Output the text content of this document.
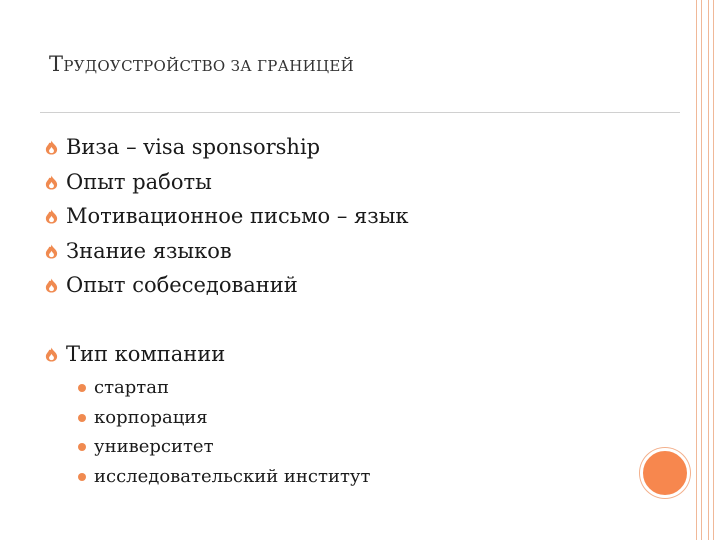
ТРУДОУСТРОЙСТВО ЗА ГРАНИЦЕЙ
Виза – visa sponsorship
Опыт работы
Мотивационное письмо – язык
Знание языков
Опыт собеседований
Тип компании
стартап
корпорация
университет
исследовательский институт
